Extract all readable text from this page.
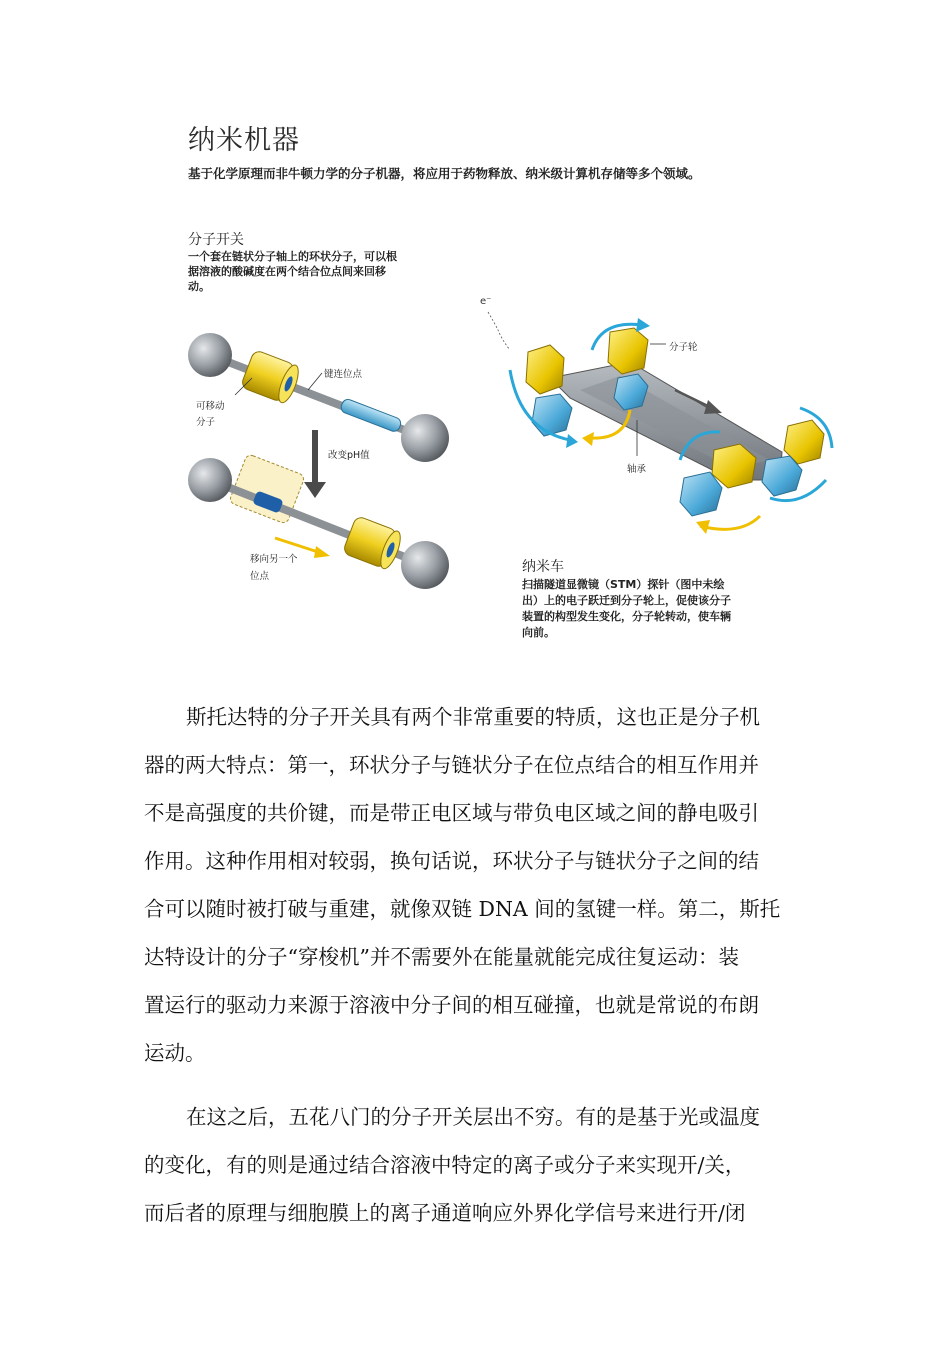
纳米机器
基于化学原理而非牛顿力学的分子机器，将应用于药物释放、纳米级计算机存储等多个领域。
分子开关
一个套在链状分子轴上的环状分子，可以根据溶液的酸碱度在两个结合位点间来回移动。
键连位点
可移动
分子
改变pH值
移向另一个
位点
e⁻
分子轮
轴承
纳米车
扫描隧道显微镜（STM）探针（图中未绘出）上的电子跃迁到分子轮上，促使该分子装置的构型发生变化，分子轮转动，使车辆向前。
斯托达特的分子开关具有两个非常重要的特质，这也正是分子机
器的两大特点：第一，环状分子与链状分子在位点结合的相互作用并
不是高强度的共价键，而是带正电区域与带负电区域之间的静电吸引
作用。这种作用相对较弱，换句话说，环状分子与链状分子之间的结
合可以随时被打破与重建，就像双链 DNA 间的氢键一样。第二，斯托
达特设计的分子“穿梭机”并不需要外在能量就能完成往复运动：装
置运行的驱动力来源于溶液中分子间的相互碰撞，也就是常说的布朗
运动。
在这之后，五花八门的分子开关层出不穷。有的是基于光或温度
的变化，有的则是通过结合溶液中特定的离子或分子来实现开/关，
而后者的原理与细胞膜上的离子通道响应外界化学信号来进行开/闭
